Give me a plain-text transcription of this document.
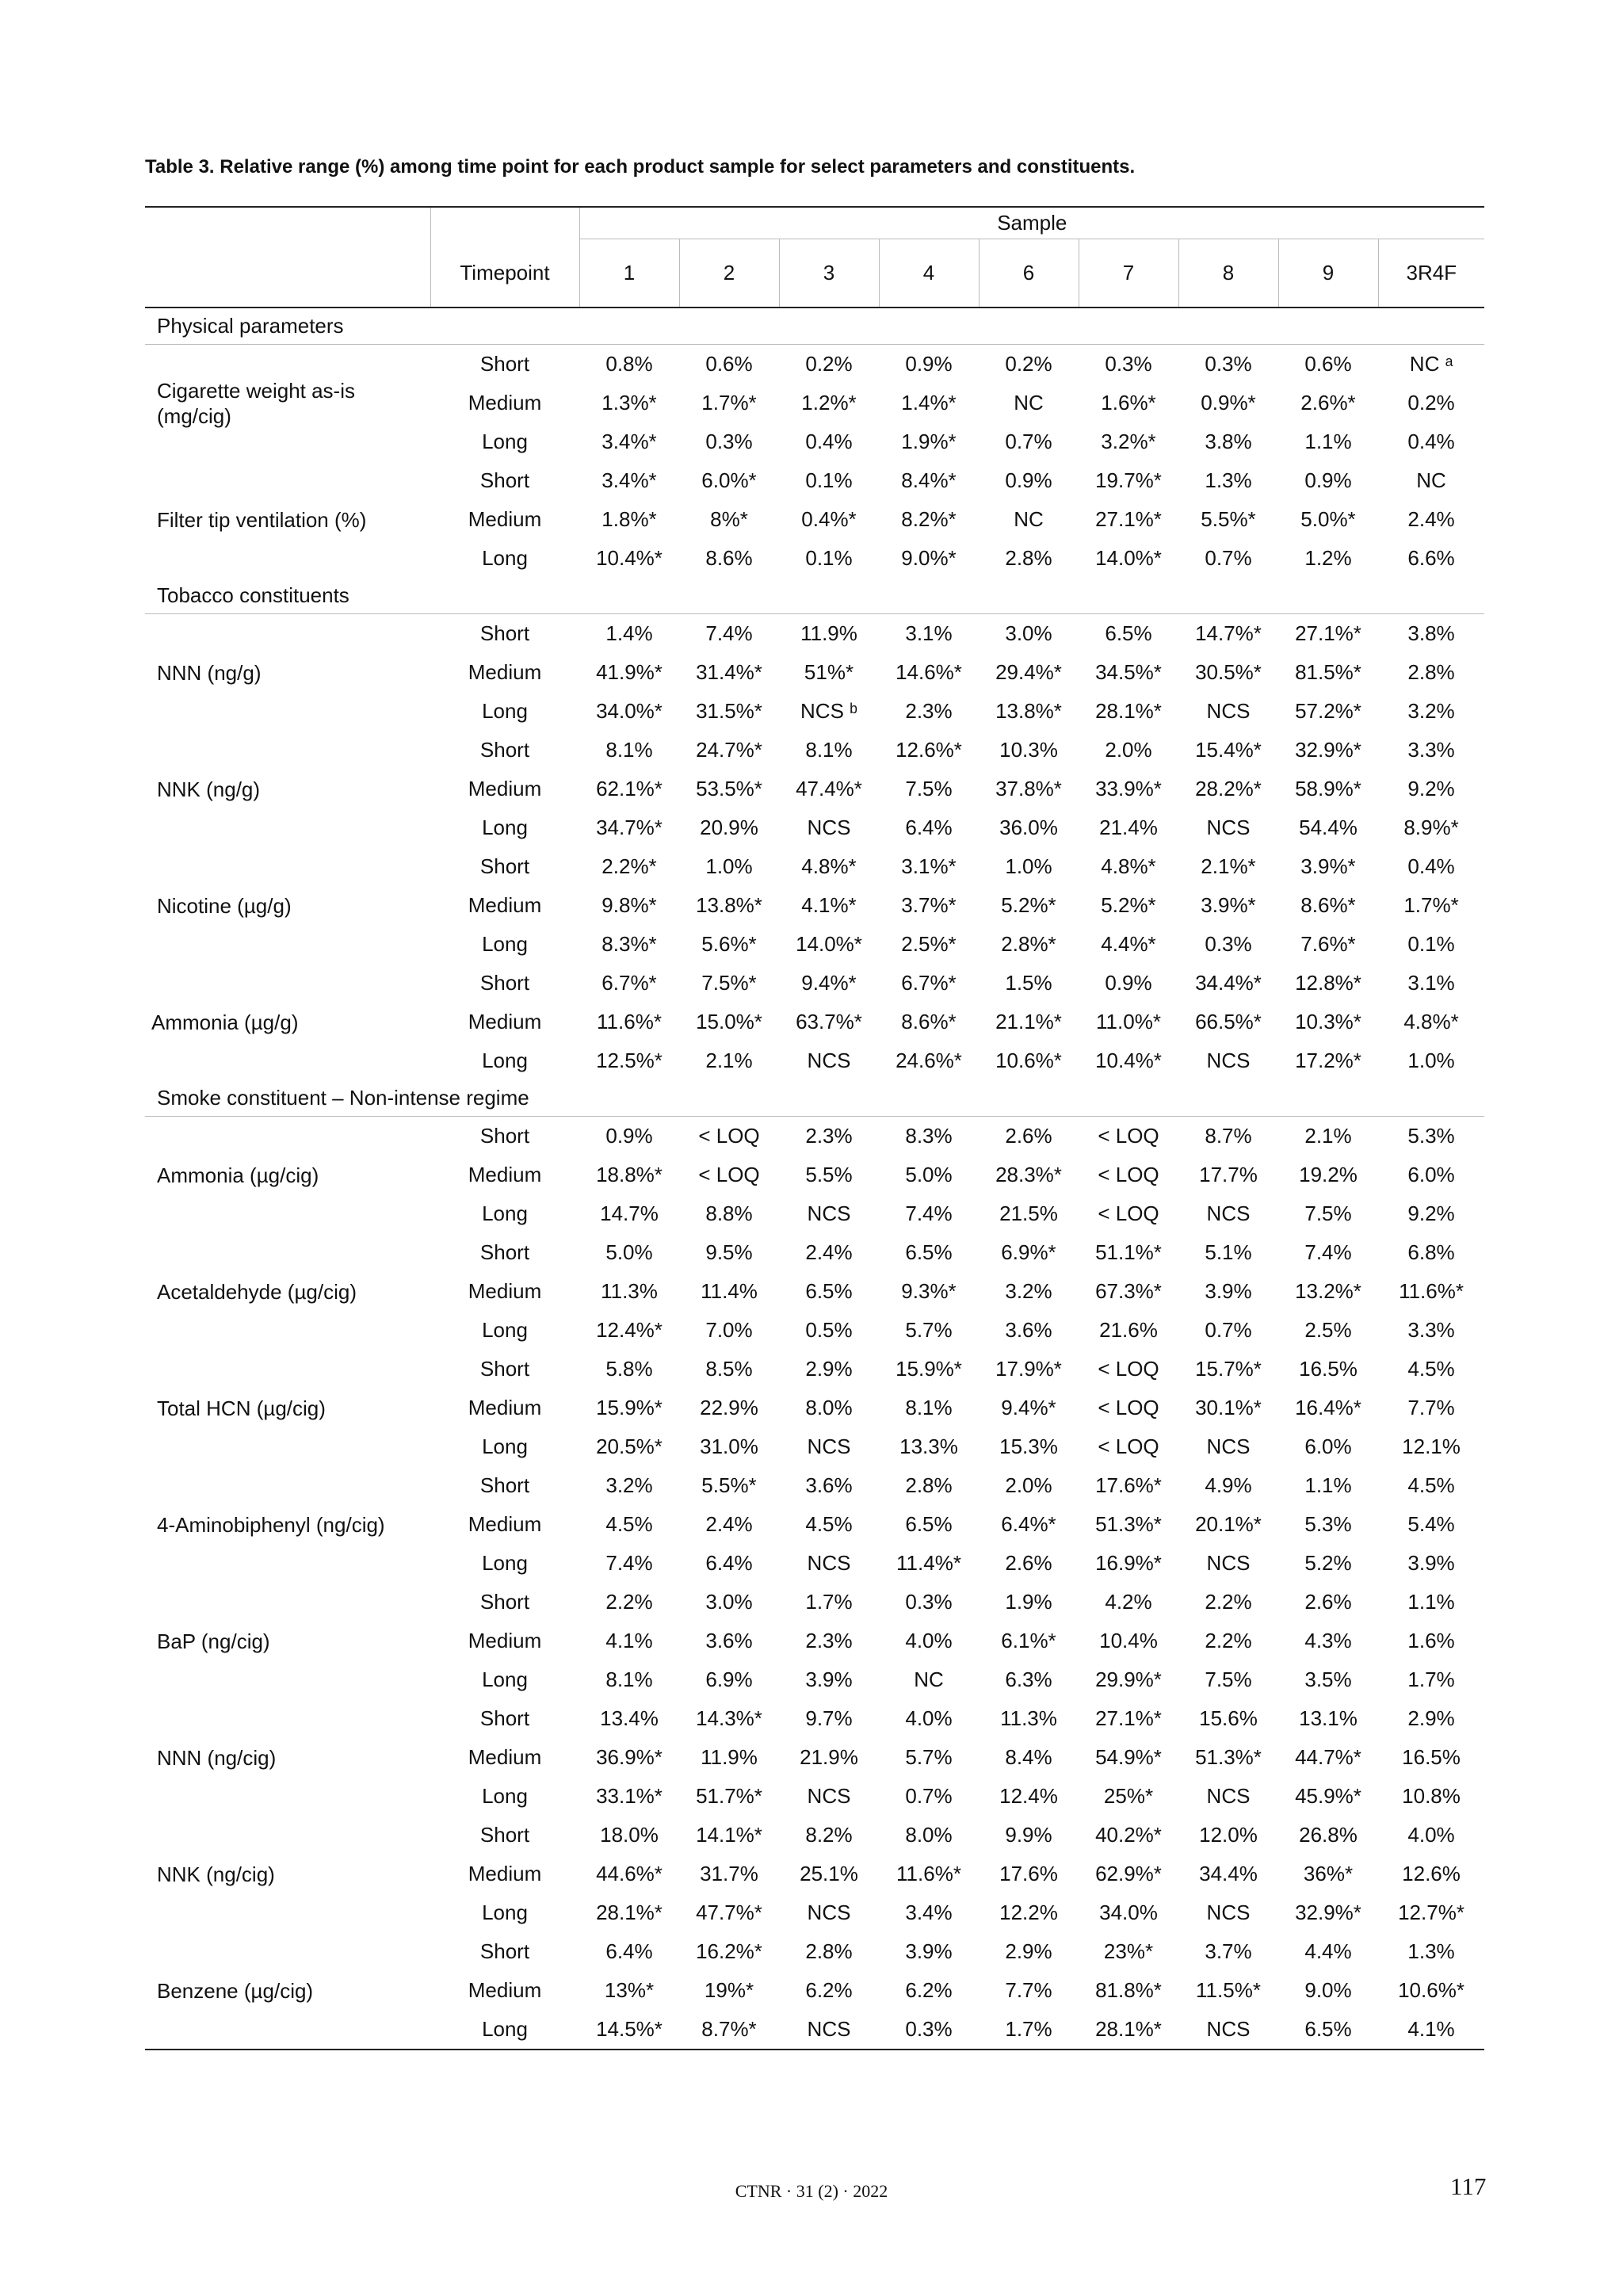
Table 3. Relative range (%) among time point for each product sample for select parameters and constituents.
		Sample								
	Timepoint	1	2	3	4	6	7	8	9	3R4F
Physical parameters										
Cigarette weight as-is (mg/cig)	Short	0.8%	0.6%	0.2%	0.9%	0.2%	0.3%	0.3%	0.6%	NC ᵃ
	Medium	1.3%*	1.7%*	1.2%*	1.4%*	NC	1.6%*	0.9%*	2.6%*	0.2%
	Long	3.4%*	0.3%	0.4%	1.9%*	0.7%	3.2%*	3.8%	1.1%	0.4%
Filter tip ventilation (%)	Short	3.4%*	6.0%*	0.1%	8.4%*	0.9%	19.7%*	1.3%	0.9%	NC
	Medium	1.8%*	8%*	0.4%*	8.2%*	NC	27.1%*	5.5%*	5.0%*	2.4%
	Long	10.4%*	8.6%	0.1%	9.0%*	2.8%	14.0%*	0.7%	1.2%	6.6%
Tobacco constituents										
NNN (ng/g)	Short	1.4%	7.4%	11.9%	3.1%	3.0%	6.5%	14.7%*	27.1%*	3.8%
	Medium	41.9%*	31.4%*	51%*	14.6%*	29.4%*	34.5%*	30.5%*	81.5%*	2.8%
	Long	34.0%*	31.5%*	NCS ᵇ	2.3%	13.8%*	28.1%*	NCS	57.2%*	3.2%
NNK (ng/g)	Short	8.1%	24.7%*	8.1%	12.6%*	10.3%	2.0%	15.4%*	32.9%*	3.3%
	Medium	62.1%*	53.5%*	47.4%*	7.5%	37.8%*	33.9%*	28.2%*	58.9%*	9.2%
	Long	34.7%*	20.9%	NCS	6.4%	36.0%	21.4%	NCS	54.4%	8.9%*
Nicotine (µg/g)	Short	2.2%*	1.0%	4.8%*	3.1%*	1.0%	4.8%*	2.1%*	3.9%*	0.4%
	Medium	9.8%*	13.8%*	4.1%*	3.7%*	5.2%*	5.2%*	3.9%*	8.6%*	1.7%*
	Long	8.3%*	5.6%*	14.0%*	2.5%*	2.8%*	4.4%*	0.3%	7.6%*	0.1%
Ammonia (µg/g)	Short	6.7%*	7.5%*	9.4%*	6.7%*	1.5%	0.9%	34.4%*	12.8%*	3.1%
	Medium	11.6%*	15.0%*	63.7%*	8.6%*	21.1%*	11.0%*	66.5%*	10.3%*	4.8%*
	Long	12.5%*	2.1%	NCS	24.6%*	10.6%*	10.4%*	NCS	17.2%*	1.0%
Smoke constituent – Non-intense regime										
Ammonia (µg/cig)	Short	0.9%	< LOQ	2.3%	8.3%	2.6%	< LOQ	8.7%	2.1%	5.3%
	Medium	18.8%*	< LOQ	5.5%	5.0%	28.3%*	< LOQ	17.7%	19.2%	6.0%
	Long	14.7%	8.8%	NCS	7.4%	21.5%	< LOQ	NCS	7.5%	9.2%
Acetaldehyde (µg/cig)	Short	5.0%	9.5%	2.4%	6.5%	6.9%*	51.1%*	5.1%	7.4%	6.8%
	Medium	11.3%	11.4%	6.5%	9.3%*	3.2%	67.3%*	3.9%	13.2%*	11.6%*
	Long	12.4%*	7.0%	0.5%	5.7%	3.6%	21.6%	0.7%	2.5%	3.3%
Total HCN (µg/cig)	Short	5.8%	8.5%	2.9%	15.9%*	17.9%*	< LOQ	15.7%*	16.5%	4.5%
	Medium	15.9%*	22.9%	8.0%	8.1%	9.4%*	< LOQ	30.1%*	16.4%*	7.7%
	Long	20.5%*	31.0%	NCS	13.3%	15.3%	< LOQ	NCS	6.0%	12.1%
4-Aminobiphenyl (ng/cig)	Short	3.2%	5.5%*	3.6%	2.8%	2.0%	17.6%*	4.9%	1.1%	4.5%
	Medium	4.5%	2.4%	4.5%	6.5%	6.4%*	51.3%*	20.1%*	5.3%	5.4%
	Long	7.4%	6.4%	NCS	11.4%*	2.6%	16.9%*	NCS	5.2%	3.9%
BaP (ng/cig)	Short	2.2%	3.0%	1.7%	0.3%	1.9%	4.2%	2.2%	2.6%	1.1%
	Medium	4.1%	3.6%	2.3%	4.0%	6.1%*	10.4%	2.2%	4.3%	1.6%
	Long	8.1%	6.9%	3.9%	NC	6.3%	29.9%*	7.5%	3.5%	1.7%
NNN (ng/cig)	Short	13.4%	14.3%*	9.7%	4.0%	11.3%	27.1%*	15.6%	13.1%	2.9%
	Medium	36.9%*	11.9%	21.9%	5.7%	8.4%	54.9%*	51.3%*	44.7%*	16.5%
	Long	33.1%*	51.7%*	NCS	0.7%	12.4%	25%*	NCS	45.9%*	10.8%
NNK (ng/cig)	Short	18.0%	14.1%*	8.2%	8.0%	9.9%	40.2%*	12.0%	26.8%	4.0%
	Medium	44.6%*	31.7%	25.1%	11.6%*	17.6%	62.9%*	34.4%	36%*	12.6%
	Long	28.1%*	47.7%*	NCS	3.4%	12.2%	34.0%	NCS	32.9%*	12.7%*
Benzene (µg/cig)	Short	6.4%	16.2%*	2.8%	3.9%	2.9%	23%*	3.7%	4.4%	1.3%
	Medium	13%*	19%*	6.2%	6.2%	7.7%	81.8%*	11.5%*	9.0%	10.6%*
	Long	14.5%*	8.7%*	NCS	0.3%	1.7%	28.1%*	NCS	6.5%	4.1%
CTNR · 31 (2) · 2022	117
